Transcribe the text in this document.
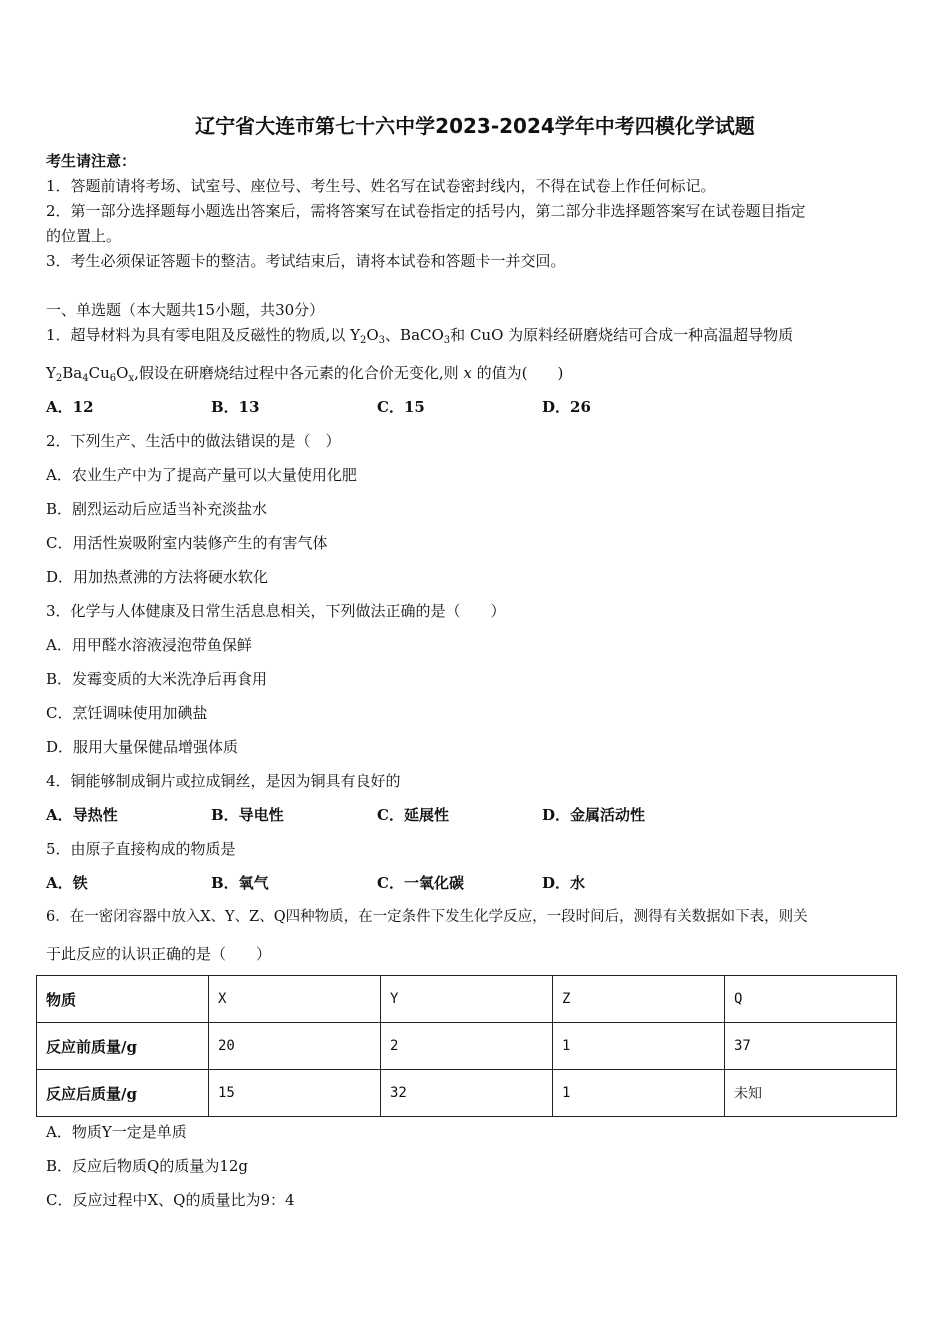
辽宁省大连市第七十六中学2023-2024学年中考四模化学试题
考生请注意：
1．答题前请将考场、试室号、座位号、考生号、姓名写在试卷密封线内，不得在试卷上作任何标记。
2．第一部分选择题每小题选出答案后，需将答案写在试卷指定的括号内，第二部分非选择题答案写在试卷题目指定
的位置上。
3．考生必须保证答题卡的整洁。考试结束后，请将本试卷和答题卡一并交回。
一、单选题（本大题共15小题，共30分）
1．超导材料为具有零电阻及反磁性的物质,以 $Y_2O_3$、BaCO$_3$和 CuO 为原料经研磨烧结可合成一种高温超导物质
$Y_2Ba_4Cu_6O_x$,假设在研磨烧结过程中各元素的化合价无变化,则 x 的值为(　　)
A．12	B．13	C．15	D．26
2．下列生产、生活中的做法错误的是（　）
A．农业生产中为了提高产量可以大量使用化肥
B．剧烈运动后应适当补充淡盐水
C．用活性炭吸附室内装修产生的有害气体
D．用加热煮沸的方法将硬水软化
3．化学与人体健康及日常生活息息相关，下列做法正确的是（　　）
A．用甲醛水溶液浸泡带鱼保鲜
B．发霉变质的大米洗净后再食用
C．烹饪调味使用加碘盐
D．服用大量保健品增强体质
4．铜能够制成铜片或拉成铜丝，是因为铜具有良好的
A．导热性	B．导电性	C．延展性	D．金属活动性
5．由原子直接构成的物质是
A．铁	B．氧气	C．一氧化碳	D．水
6．在一密闭容器中放入X、Y、Z、Q四种物质，在一定条件下发生化学反应，一段时间后，测得有关数据如下表，则关
于此反应的认识正确的是（　　）
物质	X	Y	Z	Q
反应前质量/g	20	2	1	37
反应后质量/g	15	32	1	未知
A．物质Y一定是单质
B．反应后物质Q的质量为12g
C．反应过程中X、Q的质量比为9：4
